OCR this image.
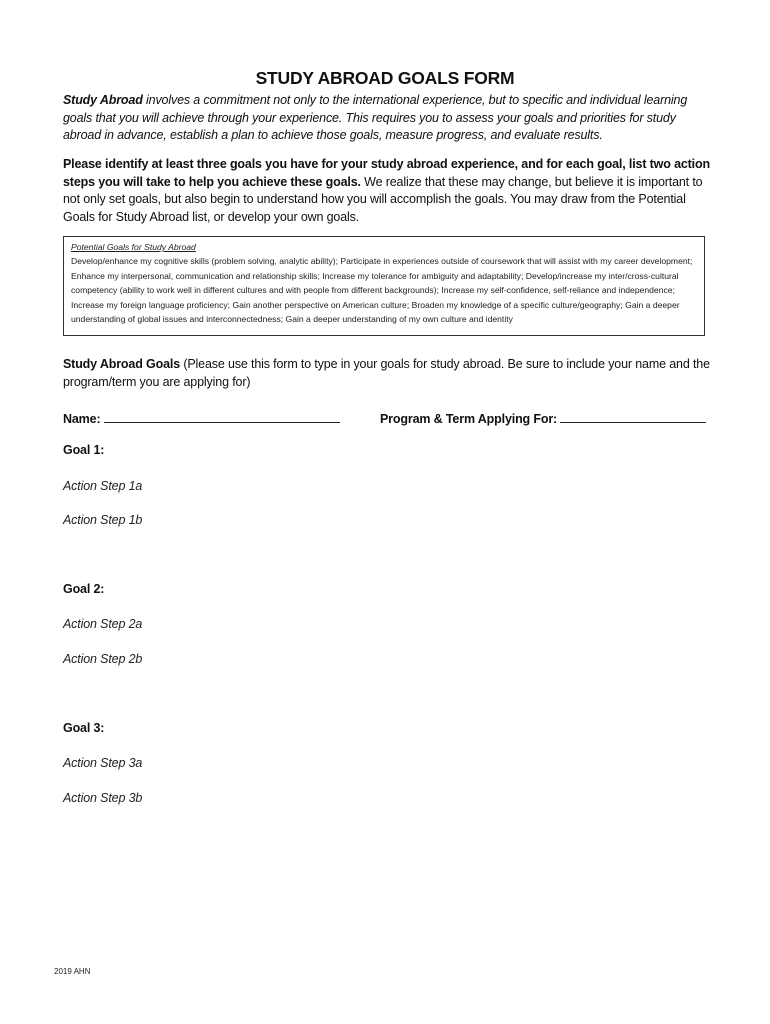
STUDY ABROAD GOALS FORM
Study Abroad involves a commitment not only to the international experience, but to specific and individual learning goals that you will achieve through your experience. This requires you to assess your goals and priorities for study abroad in advance, establish a plan to achieve those goals, measure progress, and evaluate results.
Please identify at least three goals you have for your study abroad experience, and for each goal, list two action steps you will take to help you achieve these goals. We realize that these may change, but believe it is important to not only set goals, but also begin to understand how you will accomplish the goals. You may draw from the Potential Goals for Study Abroad list, or develop your own goals.
Potential Goals for Study Abroad
Develop/enhance my cognitive skills (problem solving, analytic ability); Participate in experiences outside of coursework that will assist with my career development; Enhance my interpersonal, communication and relationship skills; Increase my tolerance for ambiguity and adaptability; Develop/increase my inter/cross-cultural competency (ability to work well in different cultures and with people from different backgrounds); Increase my self-confidence, self-reliance and independence; Increase my foreign language proficiency; Gain another perspective on American culture; Broaden my knowledge of a specific culture/geography; Gain a deeper understanding of global issues and interconnectedness; Gain a deeper understanding of my own culture and identity
Study Abroad Goals (Please use this form to type in your goals for study abroad. Be sure to include your name and the program/term you are applying for)
Name:	Program & Term Applying For:
Goal 1:
Action Step 1a
Action Step 1b
Goal 2:
Action Step 2a
Action Step 2b
Goal 3:
Action Step 3a
Action Step 3b
2019 AHN
